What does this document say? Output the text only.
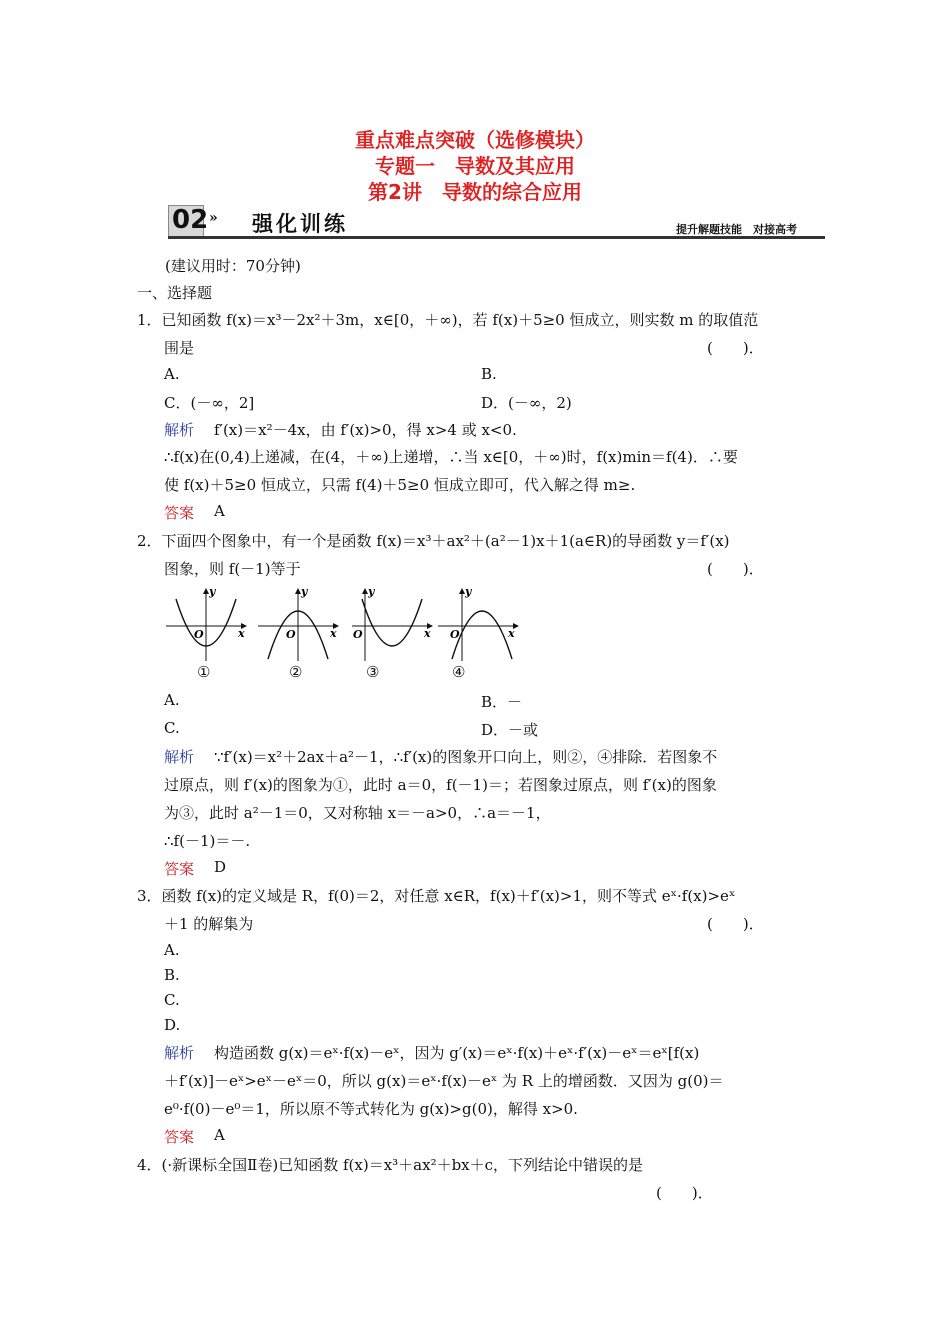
重点难点突破（选修模块）
专题一　导数及其应用
第2讲　导数的综合应用
02 » 强化训练	提升解题技能　对接高考
(建议用时：70分钟)
一、选择题
1．已知函数 f(x)＝x³－2x²＋3m，x∈[0，＋∞)，若 f(x)＋5≥0 恒成立，则实数 m 的取值范
围是	(　　)．
A.	B.
C．(－∞，2]	D．(－∞，2)
解析 f′(x)＝x²－4x，由 f′(x)>0，得 x>4 或 x<0.
∴f(x)在(0,4)上递减，在(4，＋∞)上递增，∴当 x∈[0，＋∞)时，f(x)min＝f(4)．∴要
使 f(x)＋5≥0 恒成立，只需 f(4)＋5≥0 恒成立即可，代入解之得 m≥.
答案 A
2．下面四个图象中，有一个是函数 f(x)＝x³＋ax²＋(a²－1)x＋1(a∈R)的导函数 y＝f′(x)
图象，则 f(－1)等于	(　　)．
y
x
O
y
x
O
y
x
O
y
x
O
①	②	③	④
A.	B．－
C.	D．－或
解析 ∵f′(x)＝x²＋2ax＋a²－1，∴f′(x)的图象开口向上，则②，④排除．若图象不
过原点，则 f′(x)的图象为①，此时 a＝0，f(－1)＝；若图象过原点，则 f′(x)的图象
为③，此时 a²－1＝0，又对称轴 x＝－a>0，∴a＝－1，
∴f(－1)＝－.
答案 D
3．函数 f(x)的定义域是 R，f(0)＝2，对任意 x∈R，f(x)＋f′(x)>1，则不等式 eˣ·f(x)>eˣ
＋1 的解集为	(　　)．
A.
B.
C.
D.
解析 构造函数 g(x)＝eˣ·f(x)－eˣ，因为 g′(x)＝eˣ·f(x)＋eˣ·f′(x)－eˣ＝eˣ[f(x)
＋f′(x)]－eˣ>eˣ－eˣ＝0，所以 g(x)＝eˣ·f(x)－eˣ 为 R 上的增函数．又因为 g(0)＝
e⁰·f(0)－e⁰＝1，所以原不等式转化为 g(x)>g(0)，解得 x>0.
答案 A
4．(·新课标全国Ⅱ卷)已知函数 f(x)＝x³＋ax²＋bx＋c，下列结论中错误的是
(　　)．
